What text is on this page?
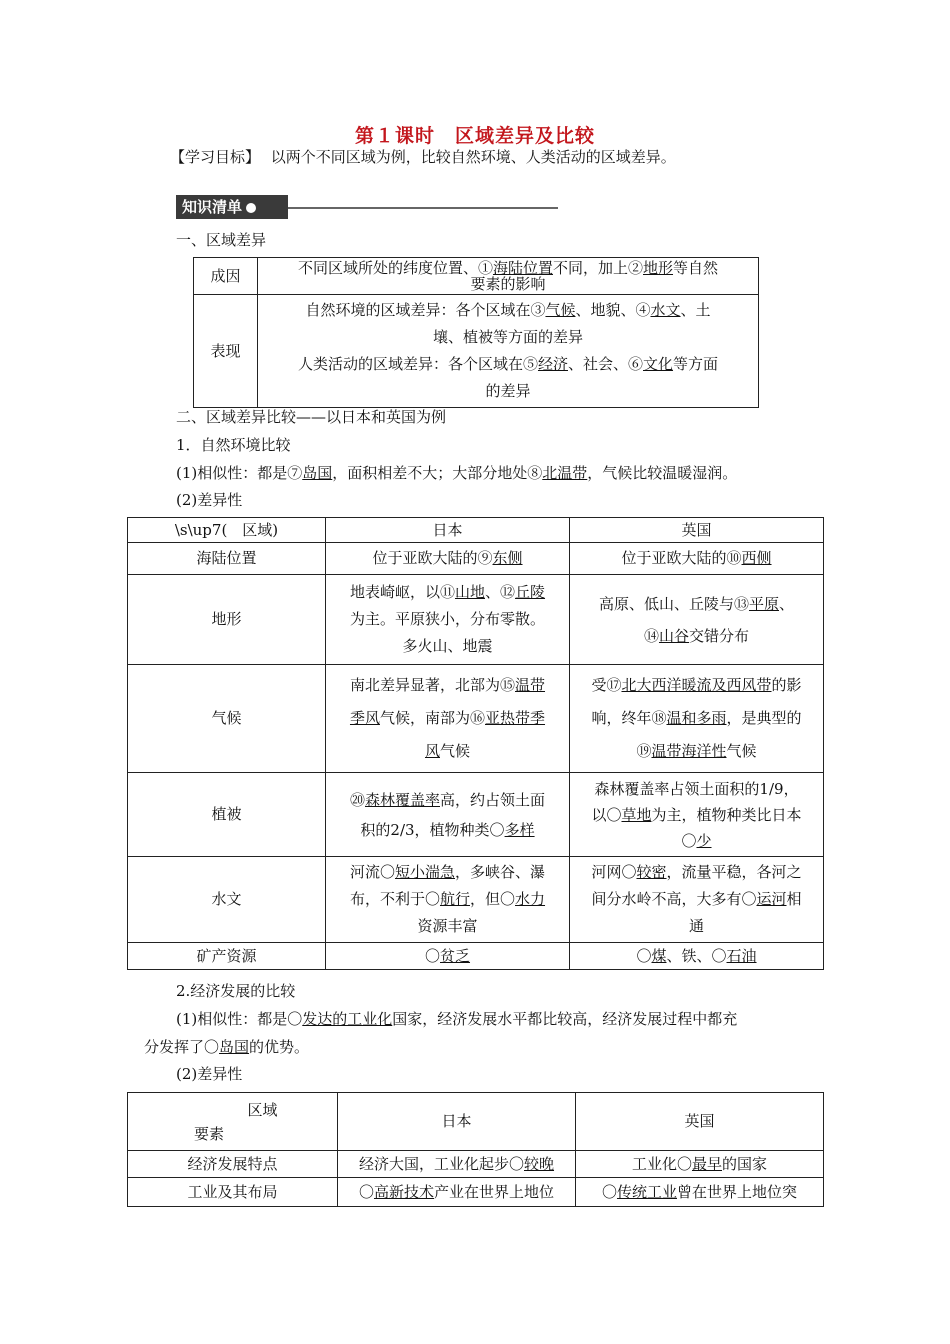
第１课时　区域差异及比较
【学习目标】 以两个不同区域为例，比较自然环境、人类活动的区域差异。
知识清单
一、区域差异
成因	不同区域所处的纬度位置、①海陆位置不同，加上②地形等自然
要素的影响
表现	自然环境的区域差异：各个区域在③气候、地貌、④水文、土
壤、植被等方面的差异
人类活动的区域差异：各个区域在⑤经济、社会、⑥文化等方面
的差异
二、区域差异比较——以日本和英国为例
1．自然环境比较
(1)相似性：都是⑦岛国，面积相差不大；大部分地处⑧北温带，气候比较温暖湿润。
(2)差异性
\s\up7(　区域)	日本	英国
海陆位置	位于亚欧大陆的⑨东侧	位于亚欧大陆的⑩西侧
地形	地表崎岖，以⑪山地、⑫丘陵
为主。平原狭小，分布零散。
多火山、地震	高原、低山、丘陵与⑬平原、
⑭山谷交错分布
气候	南北差异显著，北部为⑮温带
季风气候，南部为⑯亚热带季
风气候	受⑰北大西洋暖流及西风带的影
响，终年⑱温和多雨，是典型的
⑲温带海洋性气候
植被	⑳森林覆盖率高，约占领土面
积的2/3，植物种类〇多样	森林覆盖率占领土面积的1/9，
以〇草地为主，植物种类比日本
〇少
水文	河流〇短小湍急，多峡谷、瀑
布，不利于〇航行，但〇水力
资源丰富	河网〇较密，流量平稳，各河之
间分水岭不高，大多有〇运河相
通
矿产资源	〇贫乏	〇煤、铁、〇石油
2.经济发展的比较
(1)相似性：都是〇发达的工业化国家，经济发展水平都比较高，经济发展过程中都充
分发挥了〇岛国的优势。
(2)差异性
区域
要素	日本	英国
经济发展特点	经济大国，工业化起步〇较晚	工业化〇最早的国家
工业及其布局	〇高新技术产业在世界上地位	〇传统工业曾在世界上地位突
